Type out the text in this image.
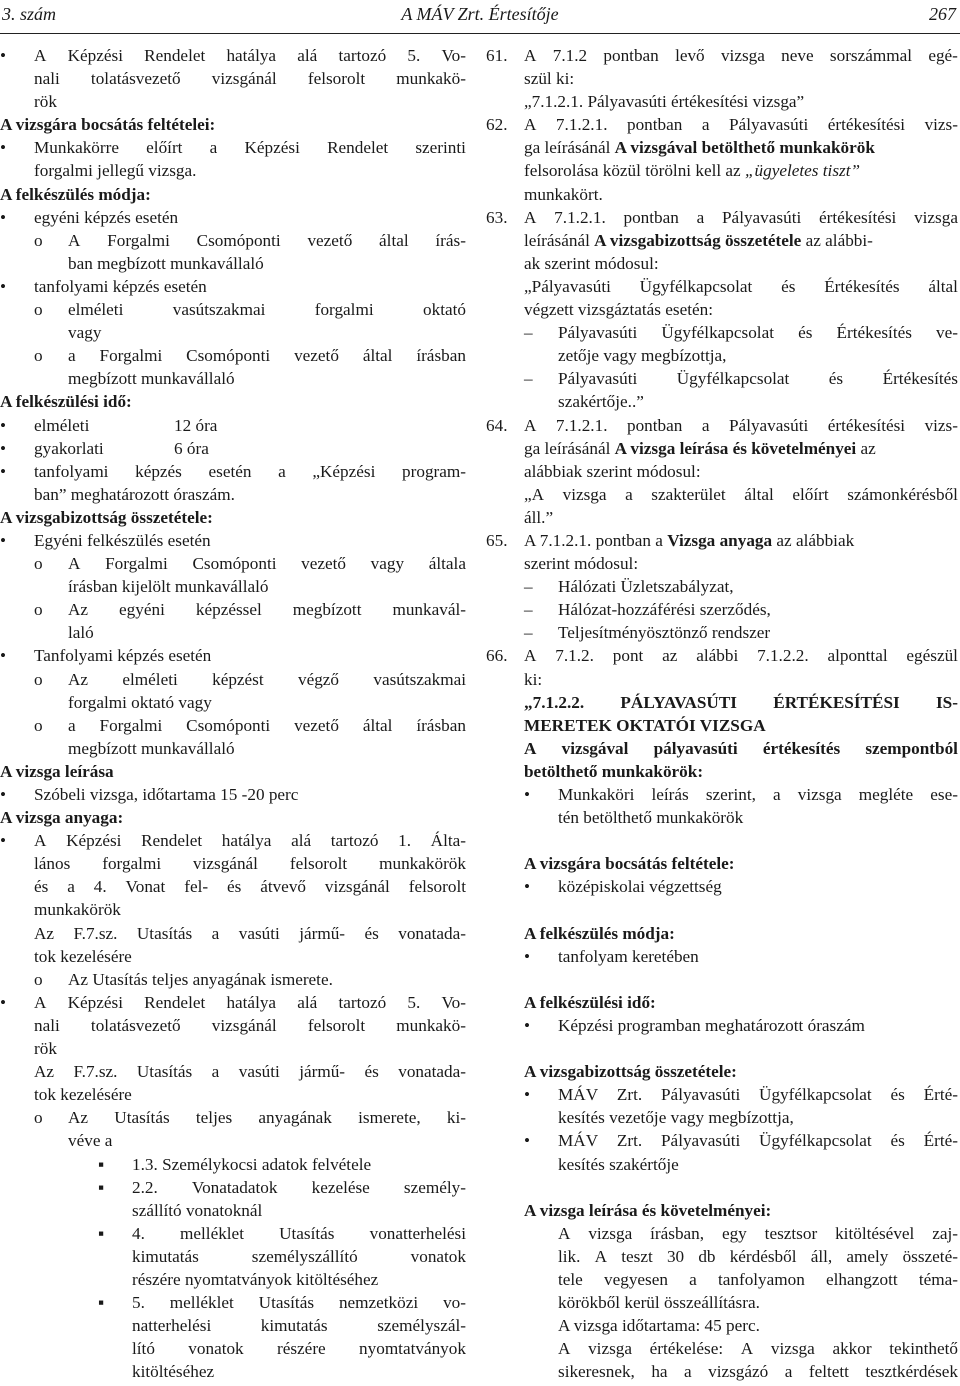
3. szám	A MÁV Zrt. Értesítője	267
• A Képzési Rendelet hatálya alá tartozó 5. Vo-
nali tolatásvezető vizsgánál felsorolt munkakö-
rök
A vizsgára bocsátás feltételei:
• Munkakörre előírt a Képzési Rendelet szerinti
forgalmi jellegű vizsga.
A felkészülés módja:
• egyéni képzés esetén
o A Forgalmi Csomóponti vezető által írás-
ban megbízott munkavállaló
• tanfolyami képzés esetén
o elméleti	vasútszakmai	forgalmi	oktató
vagy
o a Forgalmi Csomóponti vezető által írásban
megbízott munkavállaló
A felkészülési idő:
• elméleti	12 óra
• gyakorlati	6 óra
• tanfolyami képzés esetén a „Képzési program-
ban” meghatározott óraszám.
A vizsgabizottság összetétele:
• Egyéni felkészülés esetén
o A Forgalmi Csomóponti vezető vagy általa
írásban kijelölt munkavállaló
o Az egyéni képzéssel megbízott munkavál-
laló
• Tanfolyami képzés esetén
o Az elméleti képzést végző vasútszakmai
forgalmi oktató vagy
o a Forgalmi Csomóponti vezető által írásban
megbízott munkavállaló
A vizsga leírása
• Szóbeli vizsga, időtartama 15 -20 perc
A vizsga anyaga:
• A Képzési Rendelet hatálya alá tartozó 1. Álta-
lános forgalmi vizsgánál felsorolt munkakörök
és a 4. Vonat fel- és átvevő vizsgánál felsorolt
munkakörök
Az F.7.sz. Utasítás a vasúti jármű- és vonatada-
tok kezelésére
o Az Utasítás teljes anyagának ismerete.
• A Képzési Rendelet hatálya alá tartozó 5. Vo-
nali tolatásvezető vizsgánál felsorolt munkakö-
rök
Az F.7.sz. Utasítás a vasúti jármű- és vonatada-
tok kezelésére
o Az Utasítás teljes anyagának ismerete, ki-
véve a
▪ 1.3. Személykocsi adatok felvétele
▪ 2.2. Vonatadatok kezelése személy-
szállító vonatoknál
▪ 4. melléklet Utasítás vonatterhelési
kimutatás	személyszállító	vonatok
részére nyomtatványok kitöltéséhez
▪ 5. melléklet Utasítás nemzetközi vo-
natterhelési	kimutatás	személyszál-
lító vonatok részére nyomtatványok
kitöltéséhez
61. A 7.1.2 pontban levő vizsga neve sorszámmal egé-
szül ki:
„7.1.2.1. Pályavasúti értékesítési vizsga”
62. A 7.1.2.1. pontban a Pályavasúti értékesítési vizs-
ga leírásánál A vizsgával betölthető munkakörök
felsorolása közül törölni kell az „ügyeletes tiszt”
munkakört.
63. A 7.1.2.1. pontban a Pályavasúti értékesítési vizsga
leírásánál A vizsgabizottság összetétele az alábbi-
ak szerint módosul:
„Pályavasúti Ügyfélkapcsolat és Értékesítés által
végzett vizsgáztatás esetén:
– Pályavasúti Ügyfélkapcsolat és Értékesítés ve-
zetője vagy megbízottja,
– Pályavasúti Ügyfélkapcsolat és Értékesítés
szakértője..”
64. A 7.1.2.1. pontban a Pályavasúti értékesítési vizs-
ga leírásánál A vizsga leírása és követelményei az
alábbiak szerint módosul:
„A vizsga a szakterület által előírt számonkérésből
áll.”
65. A 7.1.2.1. pontban a Vizsga anyaga az alábbiak
szerint módosul:
– Hálózati Üzletszabályzat,
– Hálózat-hozzáférési szerződés,
– Teljesítményösztönző rendszer
66. A 7.1.2. pont az alábbi 7.1.2.2. alponttal egészül
ki:
„7.1.2.2. PÁLYAVASÚTI ÉRTÉKESÍTÉSI IS-
MERETEK OKTATÓI VIZSGA
A vizsgával pályavasúti értékesítés szempontból
betölthető munkakörök:
• Munkaköri leírás szerint, a vizsga megléte ese-
tén betölthető munkakörök
A vizsgára bocsátás feltétele:
• középiskolai végzettség
A felkészülés módja:
• tanfolyam keretében
A felkészülési idő:
• Képzési programban meghatározott óraszám
A vizsgabizottság összetétele:
• MÁV Zrt. Pályavasúti Ügyfélkapcsolat és Érté-
kesítés vezetője vagy megbízottja,
• MÁV Zrt. Pályavasúti Ügyfélkapcsolat és Érté-
kesítés szakértője
A vizsga leírása és követelményei:
A vizsga írásban, egy tesztsor kitöltésével zaj-
lik. A teszt 30 db kérdésből áll, amely összeté-
tele vegyesen a tanfolyamon elhangzott téma-
körökből kerül összeállításra.
A vizsga időtartama: 45 perc.
A vizsga értékelése: A vizsga akkor tekinthető
sikeresnek, ha a vizsgázó a feltett tesztkérdések
